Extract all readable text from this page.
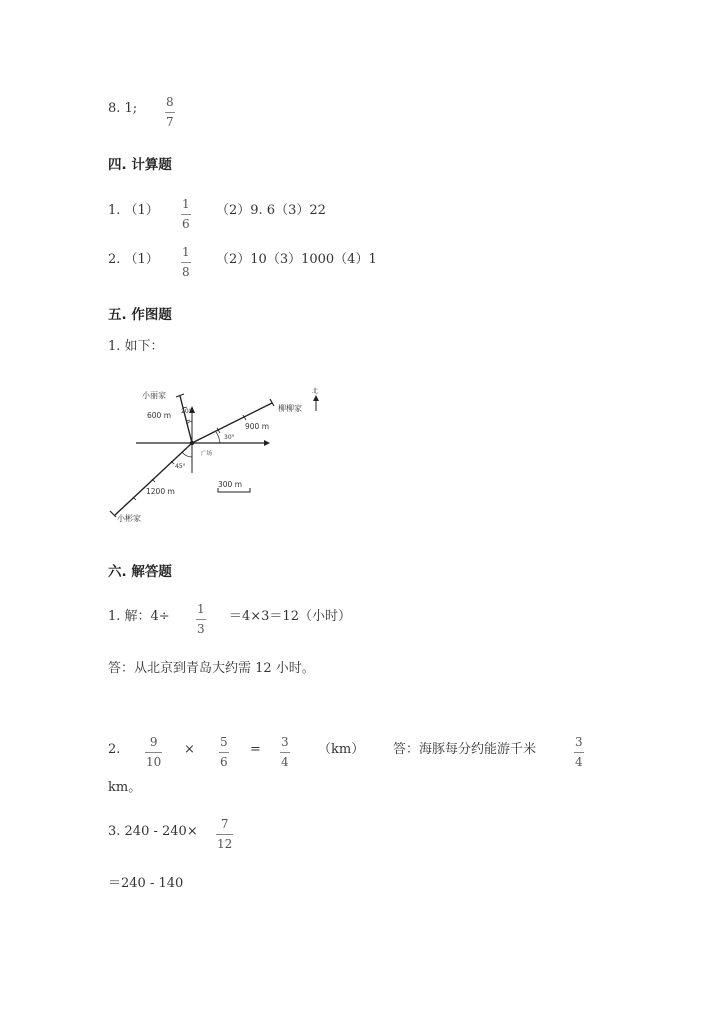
8. 1; 8
7
四. 计算题
1. （1） 1
6
（2）9. 6（3）22
2. （1） 1
8
（2）10（3）1000（4）1
五. 作图题
1. 如下：
小丽家
600 m 20°	柳柳家
900 m
30°
广场
45°
1200 m
小彬家
300 m
北
六. 解答题
1. 解：4÷ 1
3
＝4×3＝12（小时）
答：从北京到青岛大约需 12 小时。
2. 9
10
× 5
6
= 3
4
（km） 答：海豚每分约能游千米	3
4
km。
3. 240 - 240× 7
12
＝240 - 140
